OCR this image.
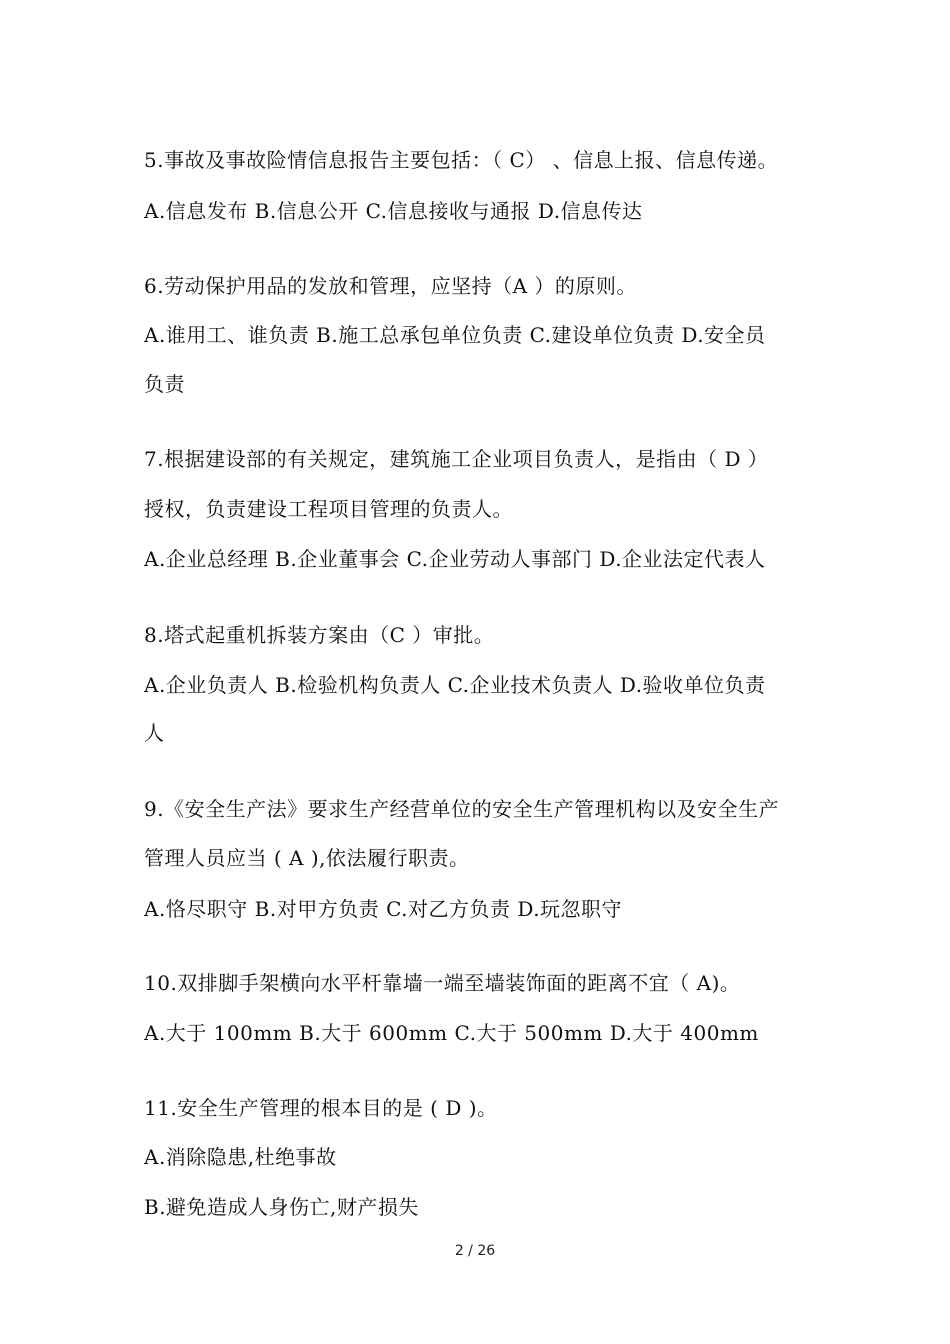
5.事故及事故险情信息报告主要包括：（ C） 、信息上报、信息传递。
A.信息发布 B.信息公开 C.信息接收与通报 D.信息传达
6.劳动保护用品的发放和管理，应坚持（A ）的原则。
A.谁用工、谁负责 B.施工总承包单位负责 C.建设单位负责 D.安全员
负责
7.根据建设部的有关规定，建筑施工企业项目负责人，是指由（ D ）
授权，负责建设工程项目管理的负责人。
A.企业总经理 B.企业董事会 C.企业劳动人事部门 D.企业法定代表人
8.塔式起重机拆装方案由（C ）审批。
A.企业负责人 B.检验机构负责人 C.企业技术负责人 D.验收单位负责
人
9.《安全生产法》要求生产经营单位的安全生产管理机构以及安全生产
管理人员应当 ( A ),依法履行职责。
A.恪尽职守 B.对甲方负责 C.对乙方负责 D.玩忽职守
10.双排脚手架横向水平杆靠墙一端至墙装饰面的距离不宜（ A)。
A.大于 100mm B.大于 600mm C.大于 500mm D.大于 400mm
11.安全生产管理的根本目的是 ( D )。
A.消除隐患,杜绝事故
B.避免造成人身伤亡,财产损失
2 / 26
